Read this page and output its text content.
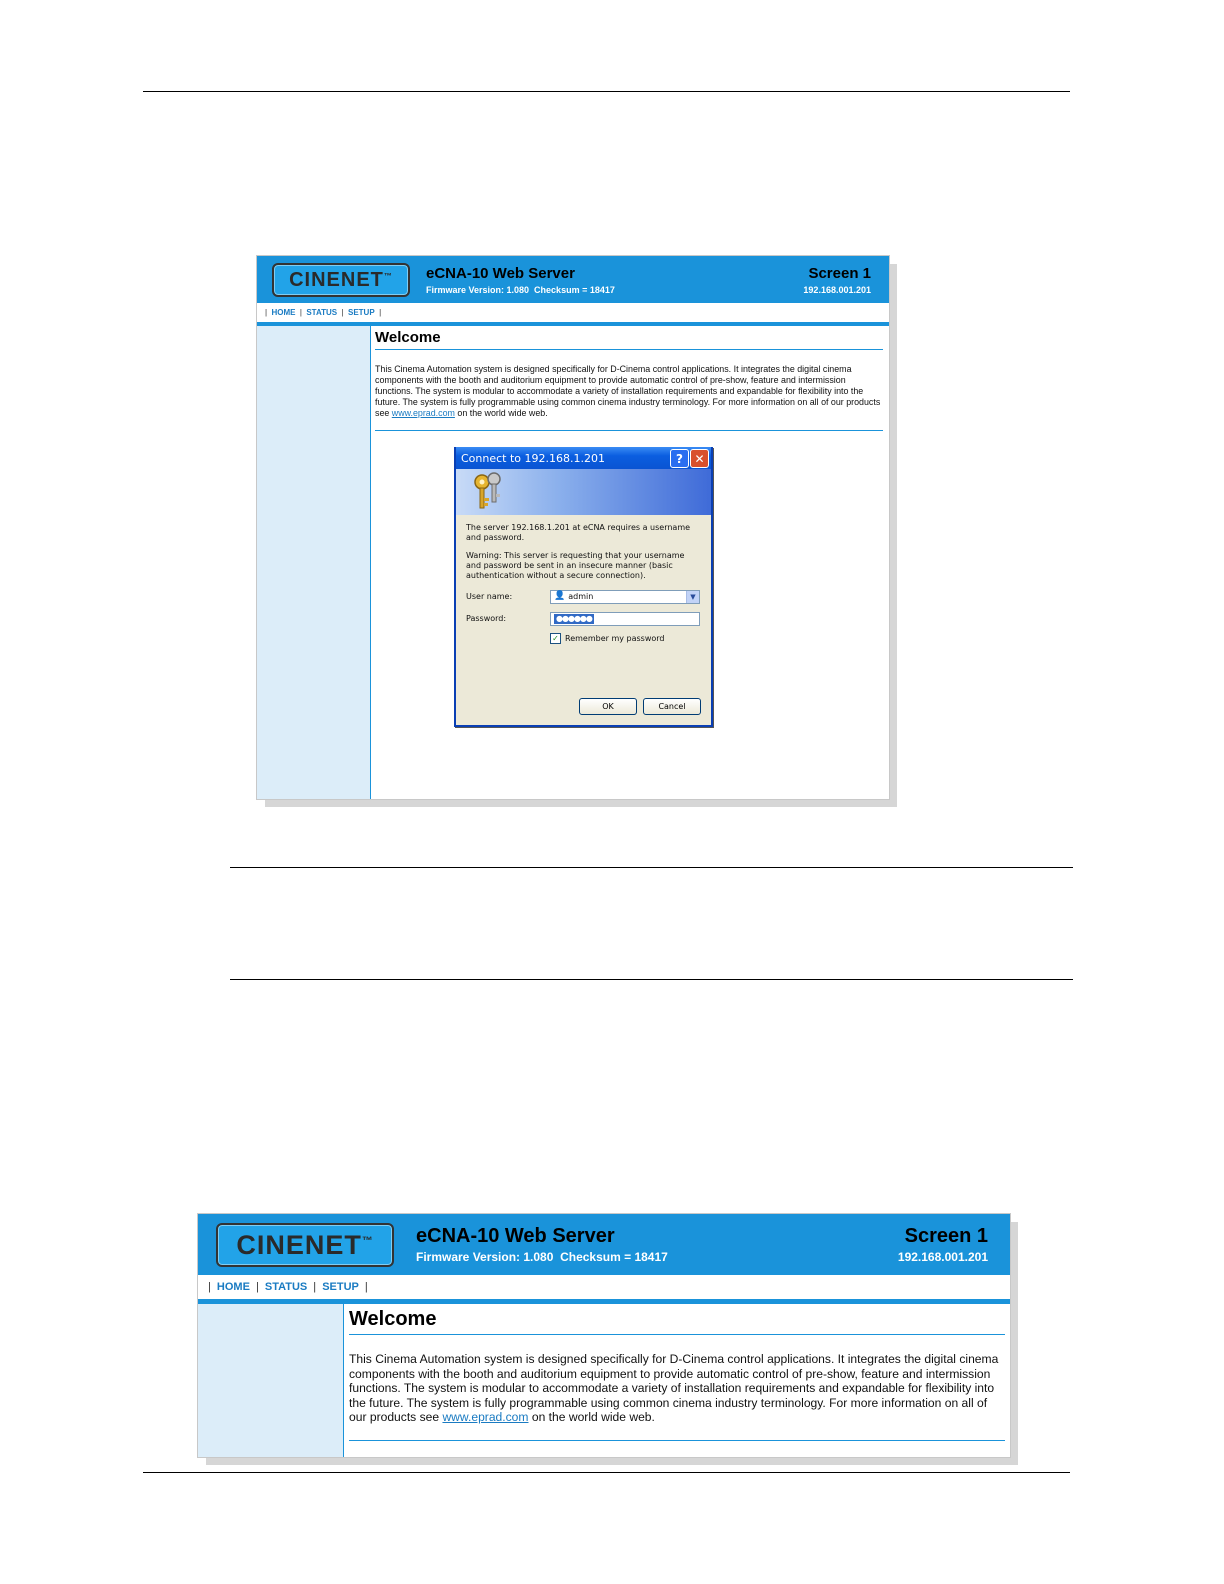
CINENET™ eCNA-10 Web Server
Firmware Version: 1.080  Checksum = 18417
Screen 1
192.168.001.201
| HOME | STATUS | SETUP |
Welcome

This Cinema Automation system is designed specifically for D-Cinema control applications. It integrates the digital cinema components with the booth and auditorium equipment to provide automatic control of pre-show, feature and intermission functions. The system is modular to accommodate a variety of installation requirements and expandable for flexibility into the future. The system is fully programmable using common cinema industry terminology. For more information on all of our products see www.eprad.com on the world wide web.

Connect to 192.168.1.201	? ✕

The server 192.168.1.201 at eCNA requires a username and password.

Warning: This server is requesting that your username and password be sent in an insecure manner (basic authentication without a secure connection).

User name:	👤 admin	▼
Password:	●●●●●●
✓ Remember my password
OK	Cancel
CINENET™ eCNA-10 Web Server
Firmware Version: 1.080  Checksum = 18417
Screen 1
192.168.001.201
| HOME | STATUS | SETUP |
Welcome

This Cinema Automation system is designed specifically for D-Cinema control applications. It integrates the digital cinema components with the booth and auditorium equipment to provide automatic control of pre-show, feature and intermission functions. The system is modular to accommodate a variety of installation requirements and expandable for flexibility into the future. The system is fully programmable using common cinema industry terminology. For more information on all of our products see www.eprad.com on the world wide web.
